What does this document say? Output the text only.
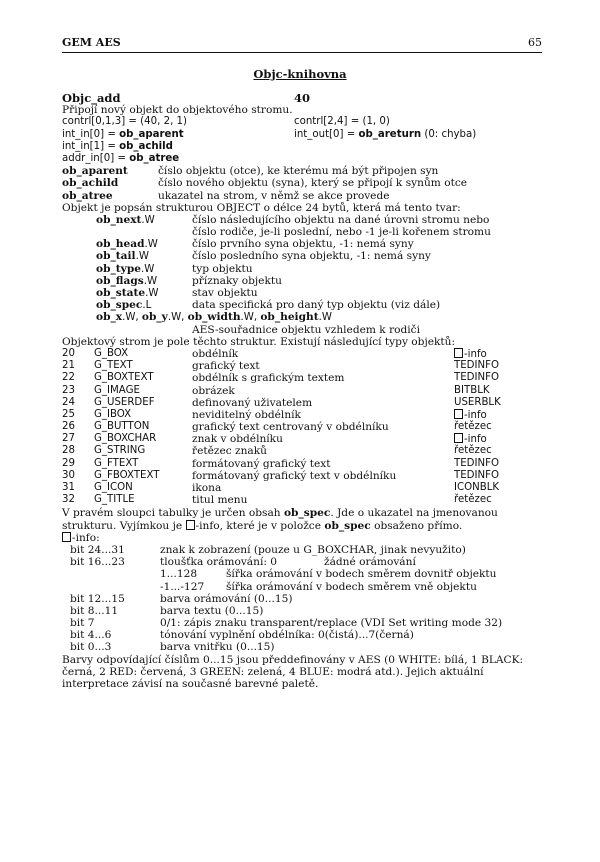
GEM AES	65
Objc-knihovna
Objc_add	40
Připojí nový objekt do objektového stromu.
contrl[0,1,3] = (40, 2, 1)	contrl[2,4] = (1, 0)
int_in[0] = ob_aparent	int_out[0] = ob_areturn (0: chyba)
int_in[1] = ob_achild
addr_in[0] = ob_atree
ob_aparent	číslo objektu (otce), ke kterému má být připojen syn
ob_achild	číslo nového objektu (syna), který se připojí k synům otce
ob_atree	ukazatel na strom, v němž se akce provede
Objekt je popsán strukturou OBJECT o délce 24 bytů, která má tento tvar:
ob_next.W	číslo následujícího objektu na dané úrovni stromu nebo
číslo rodiče, je-li poslední, nebo -1 je-li kořenem stromu
ob_head.W	číslo prvního syna objektu, -1: nemá syny
ob_tail.W	číslo posledního syna objektu, -1: nemá syny
ob_type.W	typ objektu
ob_flags.W	příznaky objektu
ob_state.W	stav objektu
ob_spec.L	data specifická pro daný typ objektu (viz dále)
ob_x.W, ob_y.W, ob_width.W, ob_height.W
AES-souřadnice objektu vzhledem k rodiči
Objektový strom je pole těchto struktur. Existují následující typy objektů:
20 G_BOX	obdélník	-info
21 G_TEXT	grafický text	TEDINFO
22 G_BOXTEXT	obdélník s grafickým textem	TEDINFO
23 G_IMAGE	obrázek	BITBLK
24 G_USERDEF	definovaný uživatelem	USERBLK
25 G_IBOX	neviditelný obdélník	-info
26 G_BUTTON	grafický text centrovaný v obdélníku	řetězec
27 G_BOXCHAR	znak v obdélníku	-info
28 G_STRING	řetězec znaků	řetězec
29 G_FTEXT	formátovaný grafický text	TEDINFO
30 G_FBOXTEXT	formátovaný grafický text v obdélníku	TEDINFO
31 G_ICON	ikona	ICONBLK
32 G_TITLE	titul menu	řetězec
V pravém sloupci tabulky je určen obsah ob_spec. Jde o ukazatel na jmenovanou strukturu. Vyjímkou je -info, které je v položce ob_spec obsaženo přímo.
-info:
bit 24...31	znak k zobrazení (pouze u G_BOXCHAR, jinak nevyužito)
bit 16...23	tloušťka orámování: 0	žádné orámování
1...128	šířka orámování v bodech směrem dovnitř objektu
-1...-127 šířka orámování v bodech směrem vně objektu
bit 12...15	barva orámování (0...15)
bit 8...11	barva textu (0...15)
bit 7	0/1: zápis znaku transparent/replace (VDI Set writing mode 32)
bit 4...6	tónování vyplnění obdélníka: 0(čistá)...7(černá)
bit 0...3	barva vnitřku (0...15)
Barvy odpovídající číslům 0...15 jsou předdefinovány v AES (0 WHITE: bílá, 1 BLACK: černá, 2 RED: červená, 3 GREEN: zelená, 4 BLUE: modrá atd.). Jejich aktuální interpretace závisí na současné barevné paletě.
